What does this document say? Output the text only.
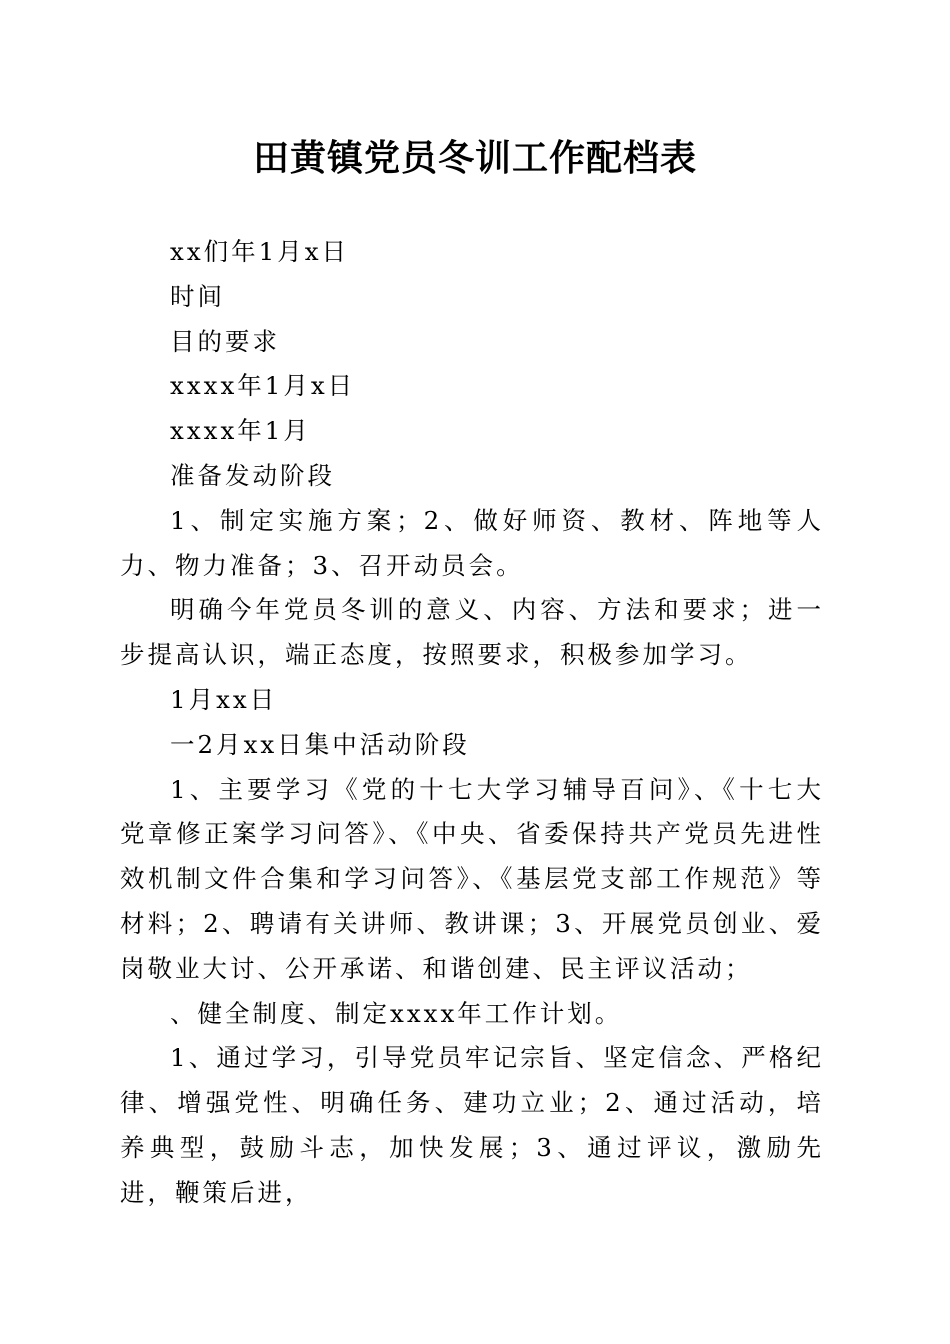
田黄镇党员冬训工作配档表

xx们年1月x日

时间

目的要求

xxxx年1月x日

xxxx年1月

准备发动阶段

1、制定实施方案；2、做好师资、教材、阵地等人力、物力准备；3、召开动员会。

明确今年党员冬训的意义、内容、方法和要求；进一步提高认识，端正态度，按照要求，积极参加学习。

1月xx日

一2月xx日集中活动阶段

1、主要学习《党的十七大学习辅导百问》、《十七大党章修正案学习问答》、《中央、省委保持共产党员先进性效机制文件合集和学习问答》、《基层党支部工作规范》等材料；2、聘请有关讲师、教讲课；3、开展党员创业、爱岗敬业大讨、公开承诺、和谐创建、民主评议活动；

、健全制度、制定xxxx年工作计划。

1、通过学习，引导党员牢记宗旨、坚定信念、严格纪律、增强党性、明确任务、建功立业；2、通过活动，培养典型，鼓励斗志，加快发展；3、通过评议，激励先进，鞭策后进，
